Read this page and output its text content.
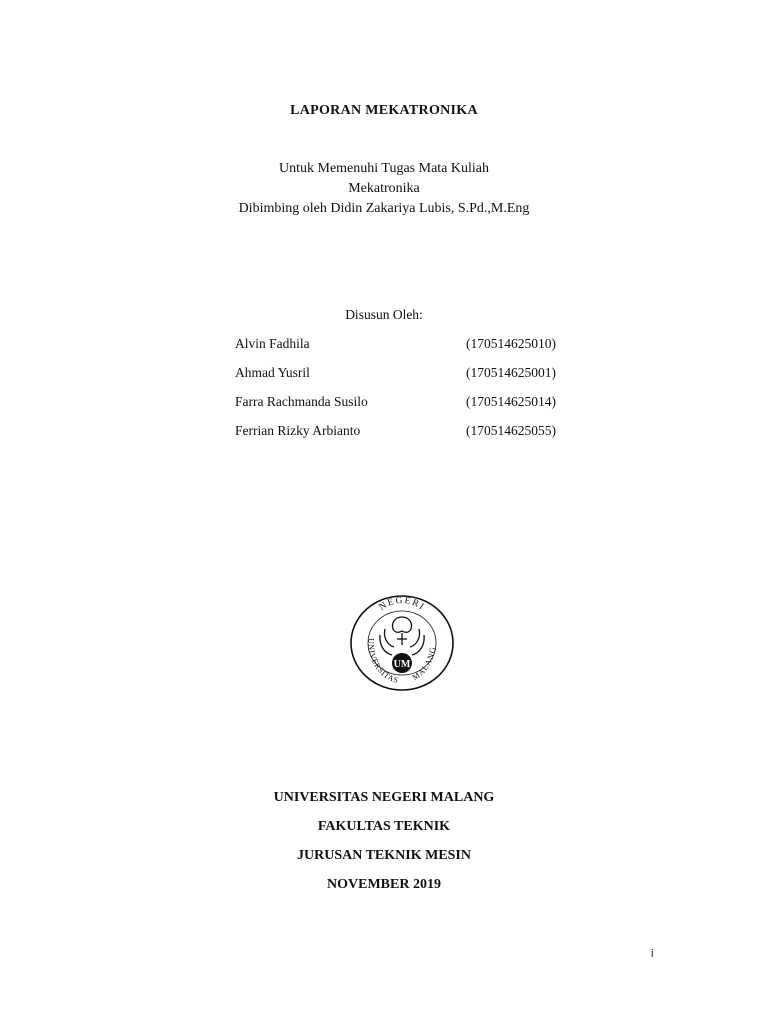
LAPORAN MEKATRONIKA
Untuk Memenuhi Tugas Mata Kuliah
Mekatronika
Dibimbing oleh Didin Zakariya Lubis, S.Pd.,M.Eng
Disusun Oleh:
Alvin Fadhila	(170514625010)
Ahmad Yusril	(170514625001)
Farra Rachmanda Susilo	(170514625014)
Ferrian Rizky Arbianto	(170514625055)
NEGERI
UNIVERSITAS MALANG
UM
UNIVERSITAS NEGERI MALANG
FAKULTAS TEKNIK
JURUSAN TEKNIK MESIN
NOVEMBER 2019
i
